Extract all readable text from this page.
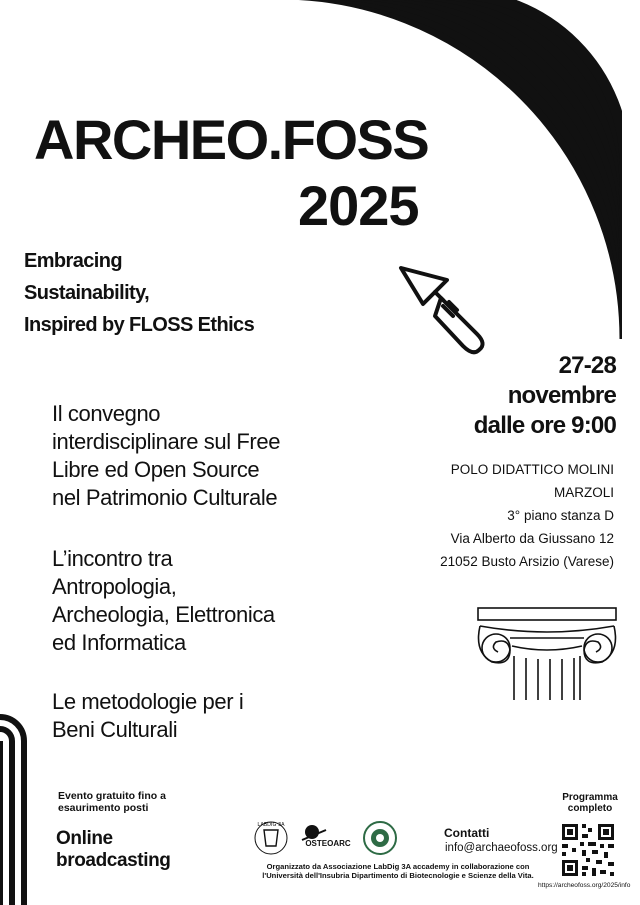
ARCHEO.FOSS
2025
Embracing
Sustainability,
Inspired by FLOSS Ethics
27-28
novembre
dalle ore 9:00
POLO DIDATTICO MOLINI
MARZOLI
3° piano stanza D
Via Alberto da Giussano 12
21052 Busto Arsizio (Varese)
Il convegno
interdisciplinare sul Free
Libre ed Open Source
nel Patrimonio Culturale
L’incontro tra
Antropologia,
Archeologia, Elettronica
ed Informatica
Le metodologie per i
Beni Culturali
Evento gratuito fino a
esaurimento posti
Online
broadcasting
LABDIG 3A
OSTEOARC
Contatti
info@archaeofoss.org
Organizzato da Associazione LabDig 3A accademy in collaborazione con
l'Università dell'Insubria Dipartimento di Biotecnologie e Scienze della Vita.
Programma
completo
https://archeofoss.org/2025/info
